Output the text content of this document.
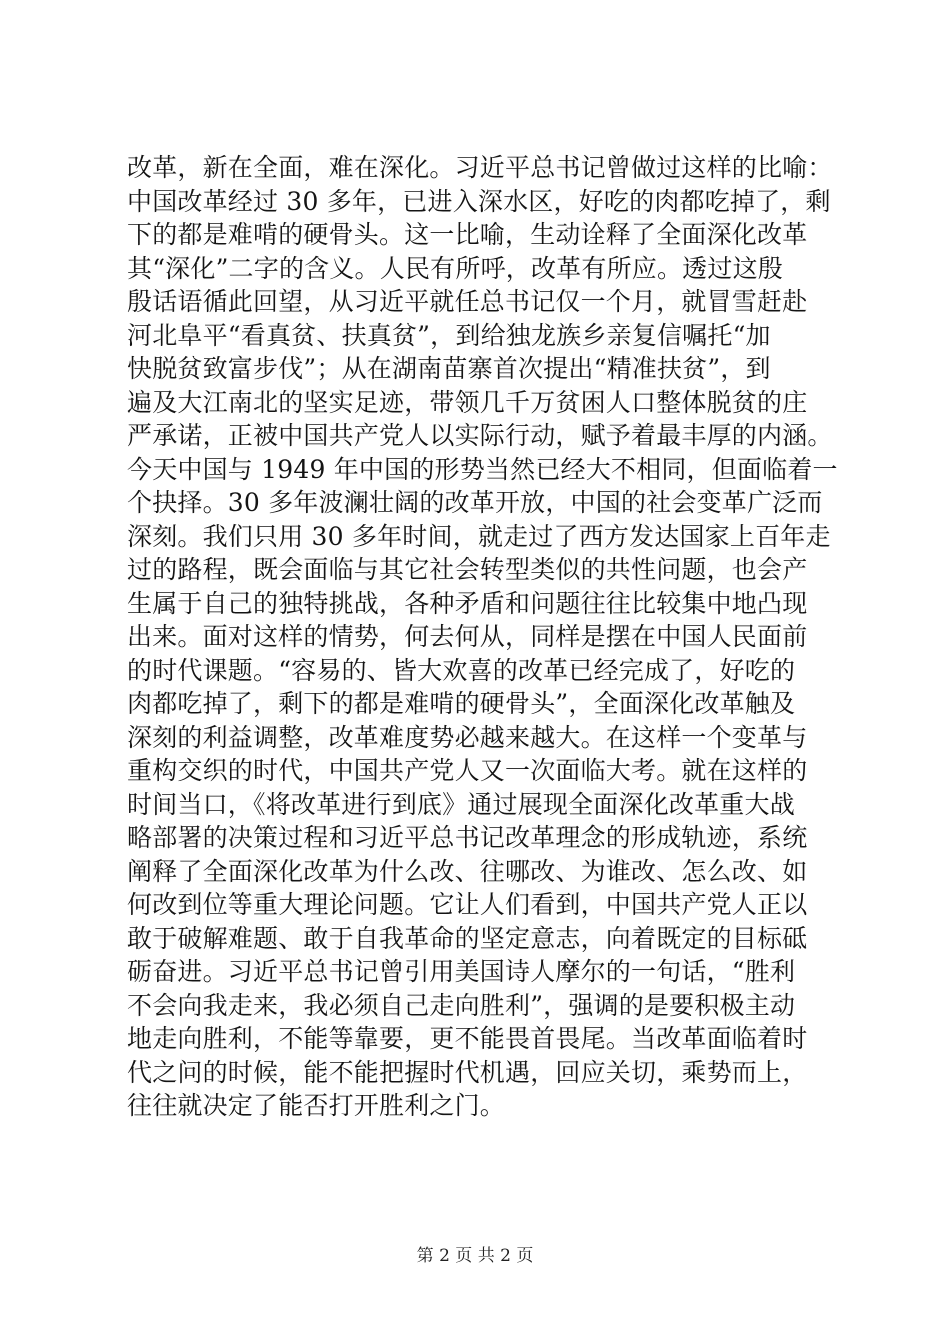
改革，新在全面，难在深化。习近平总书记曾做过这样的比喻：
中国改革经过 30 多年，已进入深水区，好吃的肉都吃掉了，剩
下的都是难啃的硬骨头。这一比喻，生动诠释了全面深化改革
其“深化”二字的含义。人民有所呼，改革有所应。透过这殷
殷话语循此回望，从习近平就任总书记仅一个月，就冒雪赶赴
河北阜平“看真贫、扶真贫”，到给独龙族乡亲复信嘱托“加
快脱贫致富步伐”；从在湖南苗寨首次提出“精准扶贫”，到
遍及大江南北的坚实足迹，带领几千万贫困人口整体脱贫的庄
严承诺，正被中国共产党人以实际行动，赋予着最丰厚的内涵。
今天中国与 1949 年中国的形势当然已经大不相同，但面临着一
个抉择。30 多年波澜壮阔的改革开放，中国的社会变革广泛而
深刻。我们只用 30 多年时间，就走过了西方发达国家上百年走
过的路程，既会面临与其它社会转型类似的共性问题，也会产
生属于自己的独特挑战，各种矛盾和问题往往比较集中地凸现
出来。面对这样的情势，何去何从，同样是摆在中国人民面前
的时代课题。“容易的、皆大欢喜的改革已经完成了，好吃的
肉都吃掉了，剩下的都是难啃的硬骨头”，全面深化改革触及
深刻的利益调整，改革难度势必越来越大。在这样一个变革与
重构交织的时代，中国共产党人又一次面临大考。就在这样的
时间当口，《将改革进行到底》通过展现全面深化改革重大战
略部署的决策过程和习近平总书记改革理念的形成轨迹，系统
阐释了全面深化改革为什么改、往哪改、为谁改、怎么改、如
何改到位等重大理论问题。它让人们看到，中国共产党人正以
敢于破解难题、敢于自我革命的坚定意志，向着既定的目标砥
砺奋进。习近平总书记曾引用美国诗人摩尔的一句话，“胜利
不会向我走来，我必须自己走向胜利”，强调的是要积极主动
地走向胜利，不能等靠要，更不能畏首畏尾。当改革面临着时
代之问的时候，能不能把握时代机遇，回应关切，乘势而上，
往往就决定了能否打开胜利之门。
第 2 页 共 2 页
